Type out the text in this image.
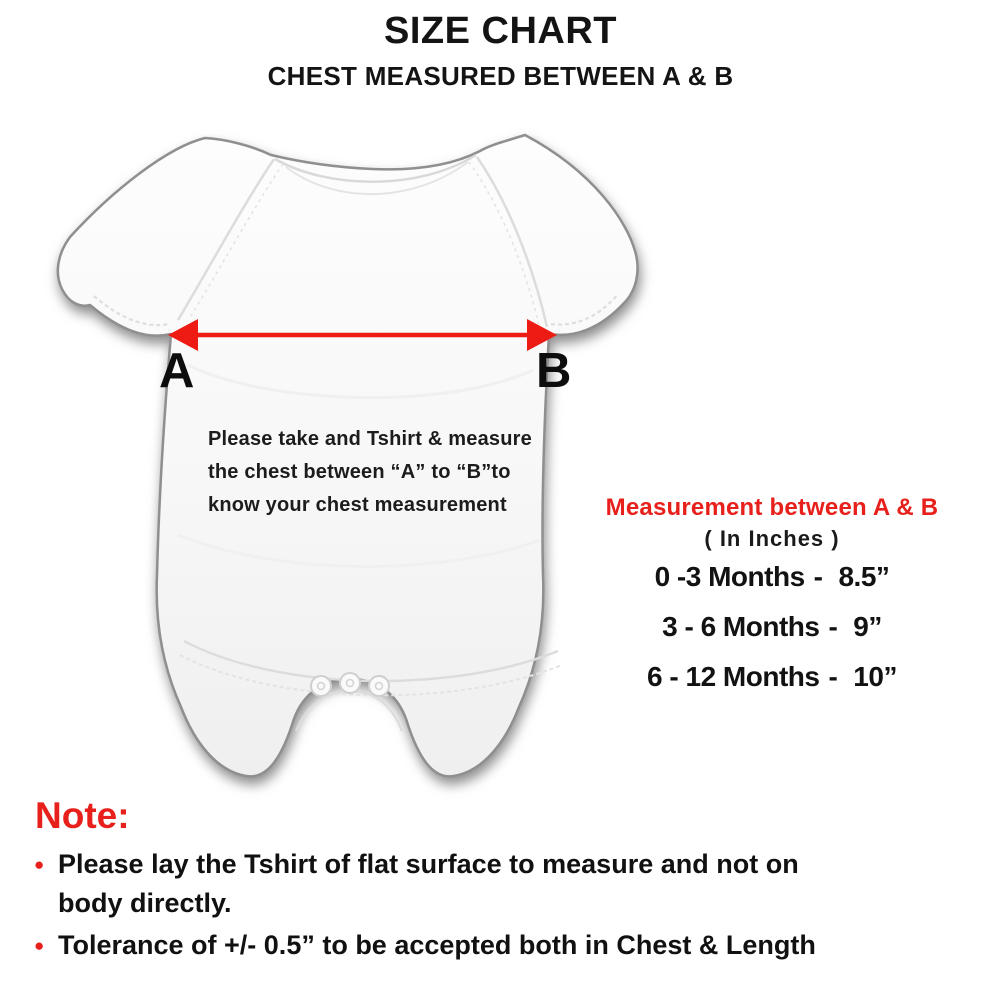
SIZE CHART
CHEST MEASURED BETWEEN A & B
A	B
Please take and Tshirt & measure
the chest between “A” to “B”to
know your chest measurement	Measurement between A & B
( In Inches )
0 -3 Months - 8.5”
3 - 6 Months - 9”
6 - 12 Months - 10”
Note:
● Please lay the Tshirt of flat surface to measure and not on
body directly.
● Tolerance of +/- 0.5” to be accepted both in Chest & Length
